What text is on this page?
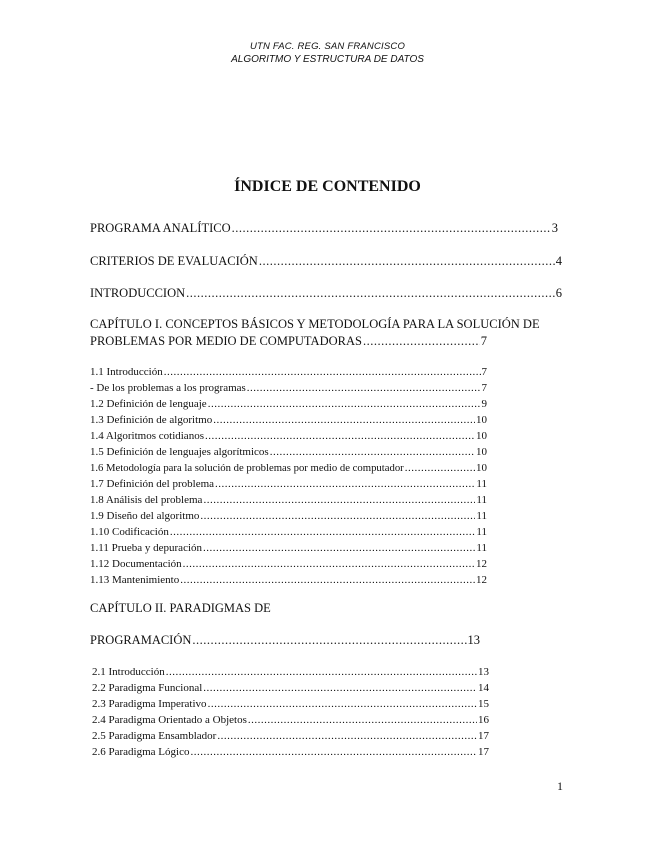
UTN FAC. REG. SAN FRANCISCO
ALGORITMO Y ESTRUCTURA DE DATOS
ÍNDICE DE CONTENIDO
PROGRAMA ANALÍTICO .....	3
CRITERIOS DE EVALUACIÓN .....	4
INTRODUCCION .....	6
CAPÍTULO I. CONCEPTOS BÁSICOS Y METODOLOGÍA PARA LA SOLUCIÓN DE
PROBLEMAS POR MEDIO DE COMPUTADORAS .....	7
1.1 Introducción .....	7
- De los problemas a los programas .....	7
1.2 Definición de lenguaje .....	9
1.3 Definición de algoritmo .....	10
1.4 Algoritmos cotidianos .....	10
1.5 Definición de lenguajes algorítmicos .....	10
1.6 Metodología para la solución de problemas por medio de computador .....	10
1.7 Definición del problema .....	11
1.8 Análisis del problema .....	11
1.9 Diseño del algoritmo .....	11
1.10 Codificación .....	11
1.11 Prueba y depuración .....	11
1.12 Documentación .....	12
1.13 Mantenimiento .....	12
CAPÍTULO II. PARADIGMAS DE
PROGRAMACIÓN .....	13
2.1 Introducción .....	13
2.2 Paradigma Funcional .....	14
2.3 Paradigma Imperativo .....	15
2.4 Paradigma Orientado a Objetos .....	16
2.5 Paradigma Ensamblador .....	17
2.6 Paradigma Lógico .....	17
1
